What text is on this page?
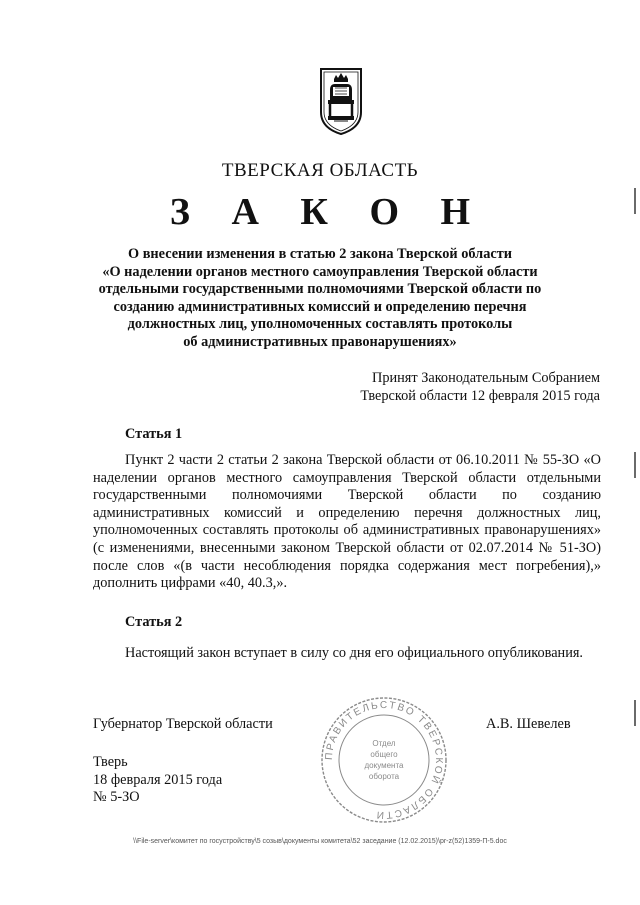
ТВЕРСКАЯ ОБЛАСТЬ
З А К О Н
О внесении изменения в статью 2 закона Тверской области
«О наделении органов местного самоуправления Тверской области
отдельными государственными полномочиями Тверской области по
созданию административных комиссий и определению перечня
должностных лиц, уполномоченных составлять протоколы
об административных правонарушениях»
Принят Законодательным Собранием
Тверской области 12 февраля 2015 года
Статья 1
Пункт 2 части 2 статьи 2 закона Тверской области от 06.10.2011 № 55-ЗО «О наделении органов местного самоуправления Тверской области отдельными государственными полномочиями Тверской области по созданию административных комиссий и определению перечня должностных лиц, уполномоченных составлять протоколы об административных правонарушениях» (с изменениями, внесенными законом Тверской области от 02.07.2014 № 51-ЗО) после слов «(в части несоблюдения порядка содержания мест погребения),» дополнить цифрами «40, 40.3,».
Статья 2
Настоящий закон вступает в силу со дня его официального опубликования.
Губернатор Тверской области	А.В. Шевелев
ПРАВИТЕЛЬСТВО ТВЕРСКОЙ ОБЛАСТИ
Отдел
общего
документа
оборота
Тверь
18 февраля 2015 года
№ 5-ЗО
\\File-server\комитет по госустройству\5 созыв\документы комитета\52 заседание (12.02.2015)\pr-z(52)1359-П-5.doc
